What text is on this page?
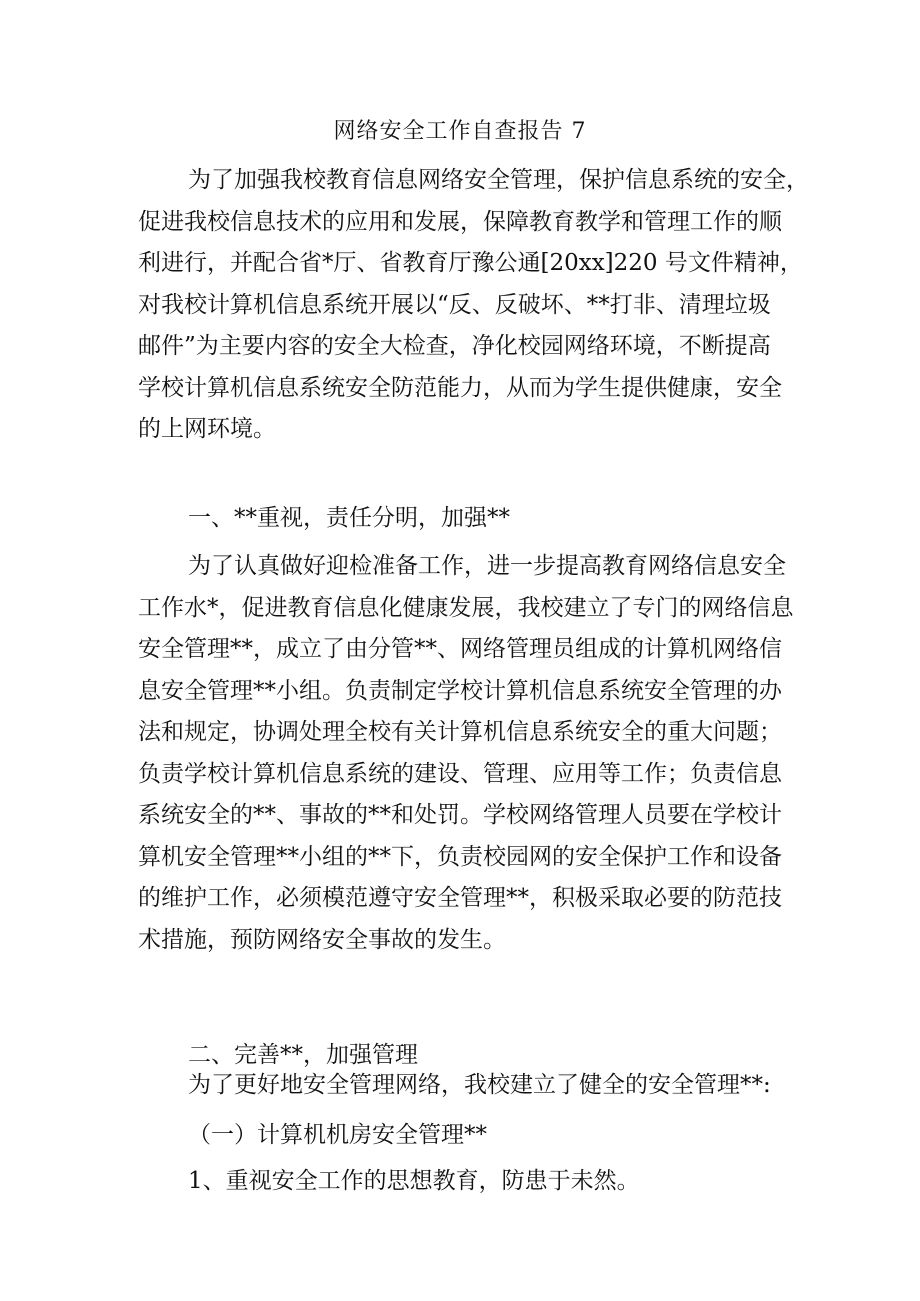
网络安全工作自查报告 7
为了加强我校教育信息网络安全管理，保护信息系统的安全，
促进我校信息技术的应用和发展，保障教育教学和管理工作的顺
利进行，并配合省*厅、省教育厅豫公通[20xx]220 号文件精神，
对我校计算机信息系统开展以“反、反破坏、**打非、清理垃圾
邮件”为主要内容的安全大检查，净化校园网络环境，不断提高
学校计算机信息系统安全防范能力，从而为学生提供健康，安全
的上网环境。
一、**重视，责任分明，加强**
为了认真做好迎检准备工作，进一步提高教育网络信息安全
工作水*，促进教育信息化健康发展，我校建立了专门的网络信息
安全管理**，成立了由分管**、网络管理员组成的计算机网络信
息安全管理**小组。负责制定学校计算机信息系统安全管理的办
法和规定，协调处理全校有关计算机信息系统安全的重大问题；
负责学校计算机信息系统的建设、管理、应用等工作；负责信息
系统安全的**、事故的**和处罚。学校网络管理人员要在学校计
算机安全管理**小组的**下，负责校园网的安全保护工作和设备
的维护工作，必须模范遵守安全管理**，积极采取必要的防范技
术措施，预防网络安全事故的发生。
二、完善**，加强管理
为了更好地安全管理网络，我校建立了健全的安全管理**:
（一）计算机机房安全管理**
1、重视安全工作的思想教育，防患于未然。
